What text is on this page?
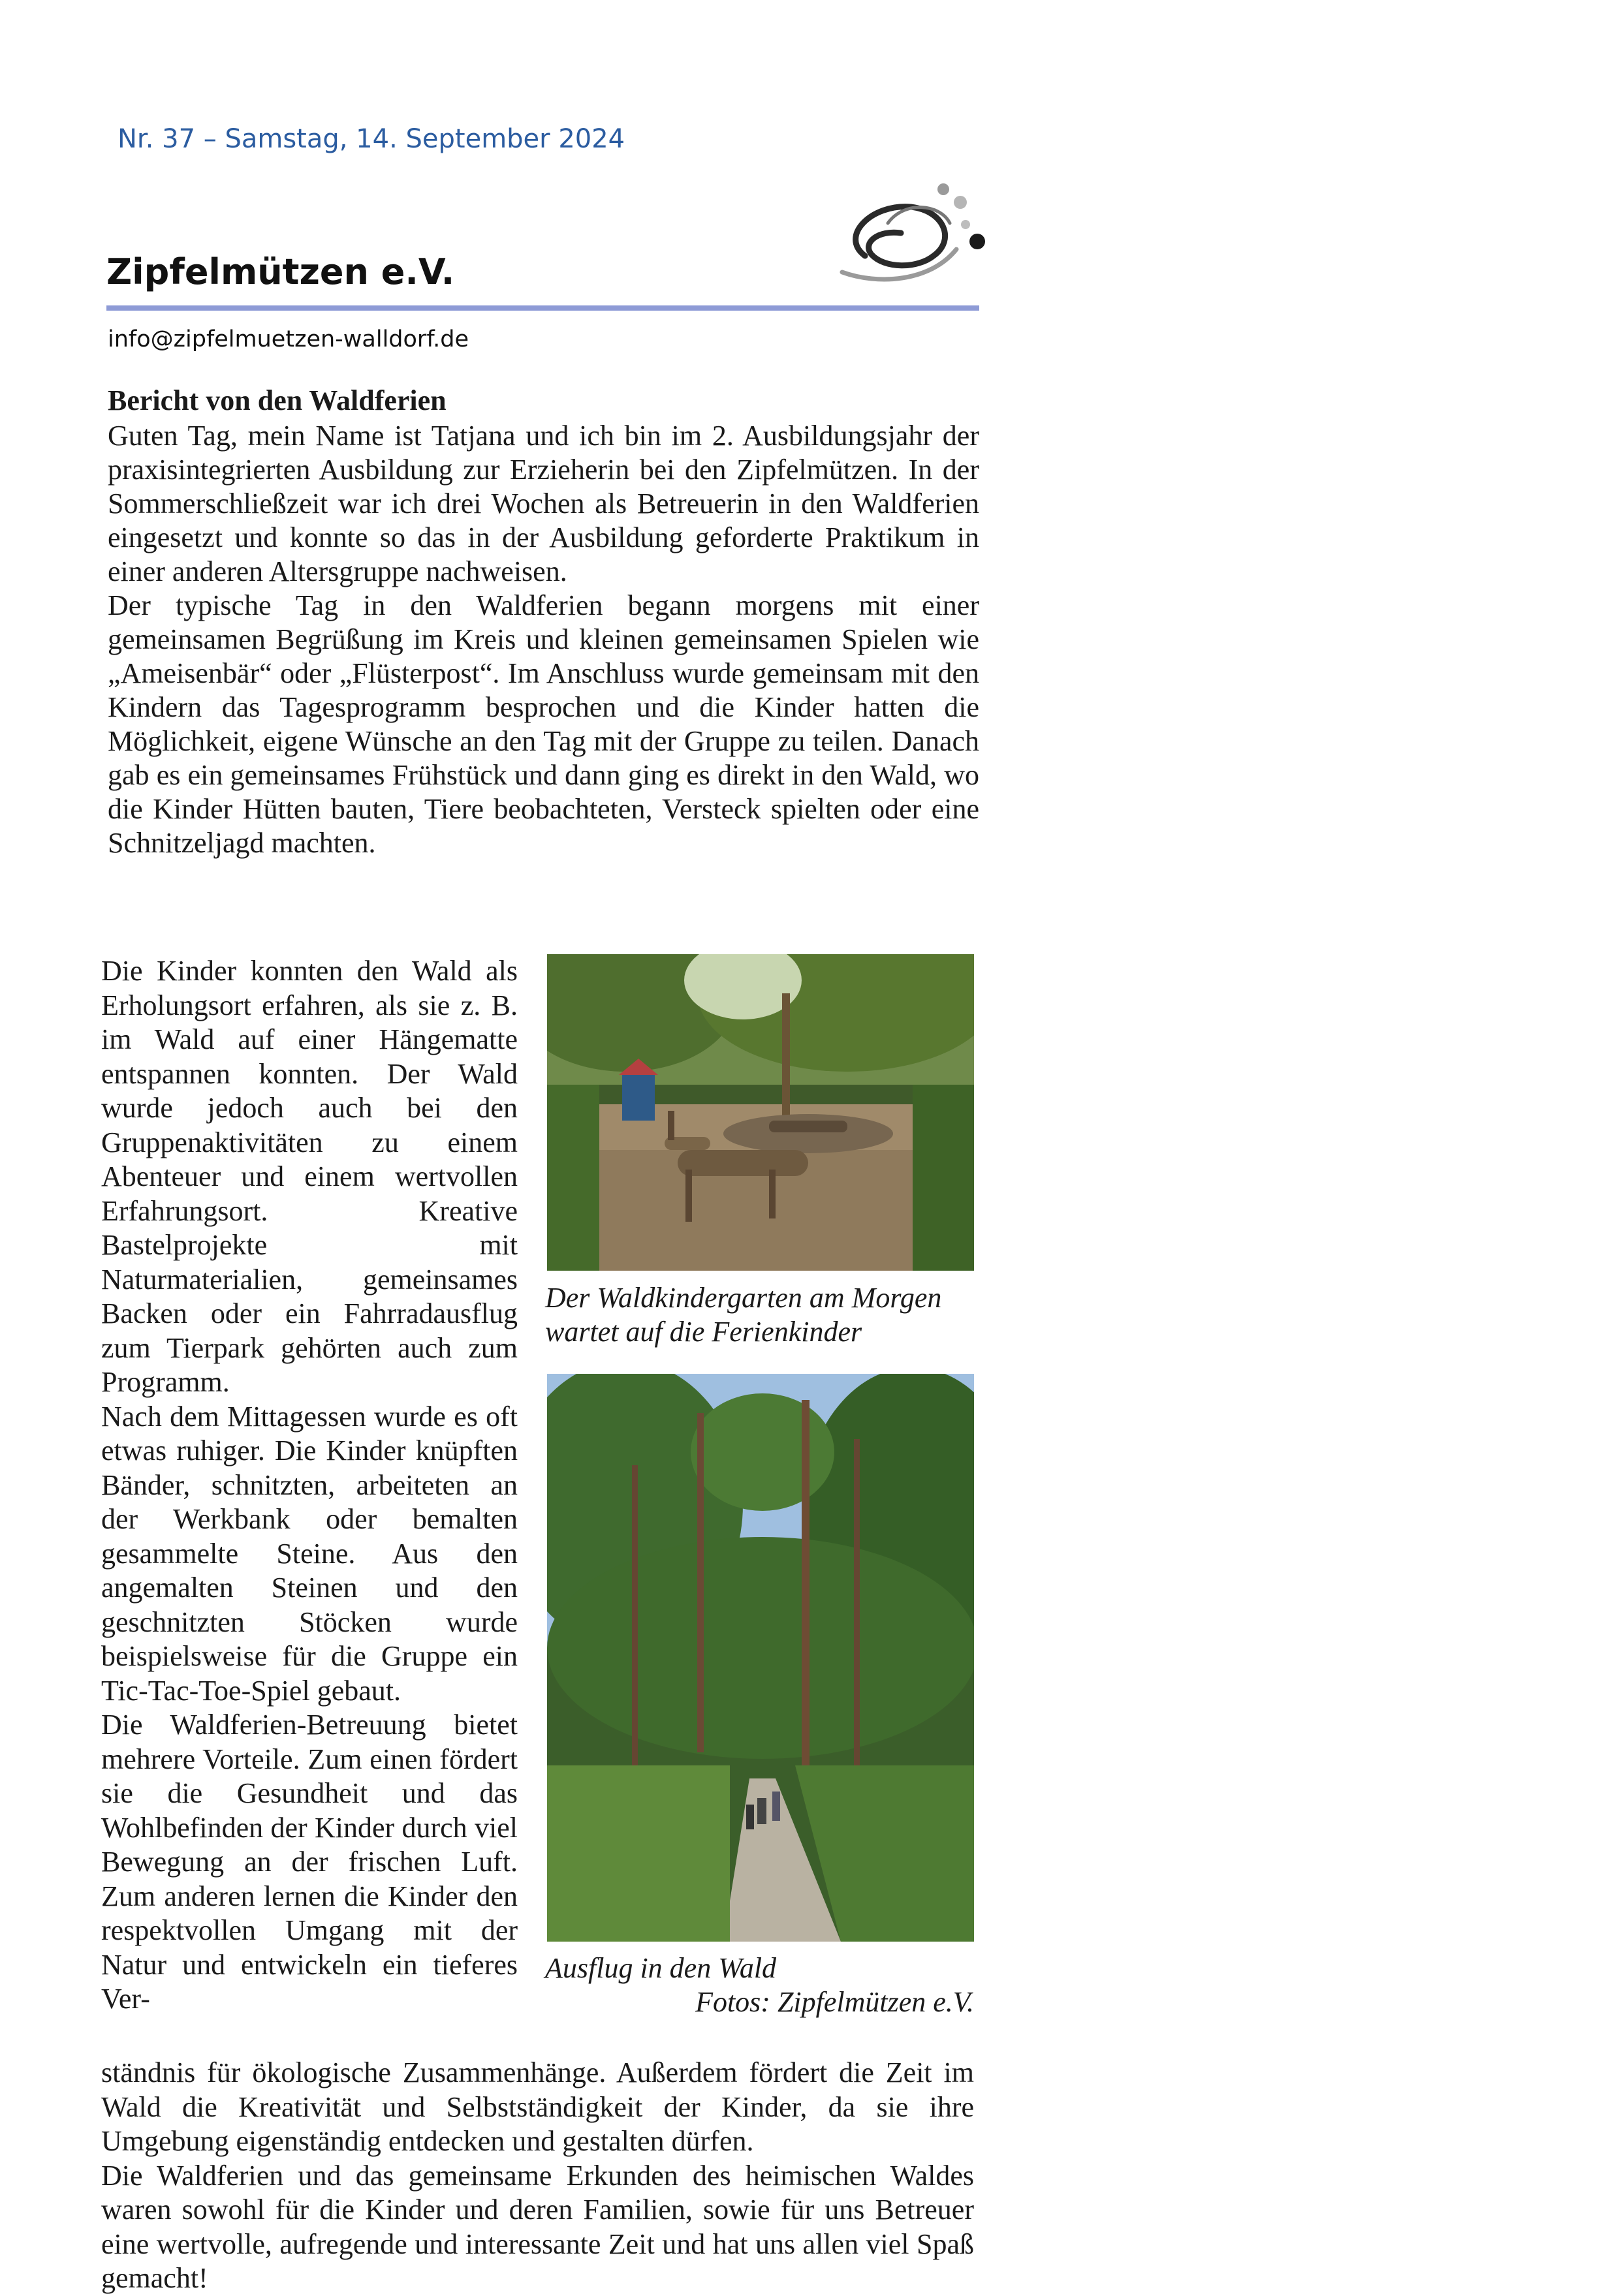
Nr. 37 – Samstag, 14. September 2024

Zipfelmützen e.V.

info@zipfelmuetzen-walldorf.de

Bericht von den Waldferien

Guten Tag, mein Name ist Tatjana und ich bin im 2. Ausbildungsjahr der praxisintegrierten Ausbildung zur Erzieherin bei den Zipfelmützen. In der Sommerschließzeit war ich drei Wochen als Betreuerin in den Waldferien eingesetzt und konnte so das in der Ausbildung geforderte Praktikum in einer anderen Altersgruppe nachweisen.

Der typische Tag in den Waldferien begann morgens mit einer gemeinsamen Begrüßung im Kreis und kleinen gemeinsamen Spielen wie „Ameisenbär“ oder „Flüsterpost“. Im Anschluss wurde gemeinsam mit den Kindern das Tagesprogramm besprochen und die Kinder hatten die Möglichkeit, eigene Wünsche an den Tag mit der Gruppe zu teilen. Danach gab es ein gemeinsames Frühstück und dann ging es direkt in den Wald, wo die Kinder Hütten bauten, Tiere beobachteten, Versteck spielten oder eine Schnitzeljagd machten.

Die Kinder konnten den Wald als Erholungsort erfahren, als sie z. B. im Wald auf einer Hängematte entspannen konnten. Der Wald wurde jedoch auch bei den Gruppenaktivitäten zu einem Abenteuer und einem wertvollen Erfahrungsort. Kreative Bastelprojekte mit Naturmaterialien, gemeinsames Backen oder ein Fahrradausflug zum Tierpark gehörten auch zum Programm.

Nach dem Mittagessen wurde es oft etwas ruhiger. Die Kinder knüpften Bänder, schnitzten, arbeiteten an der Werkbank oder bemalten gesammelte Steine. Aus den angemalten Steinen und den geschnitzten Stöcken wurde beispielsweise für die Gruppe ein Tic-Tac-Toe-Spiel gebaut.

Die Waldferien-Betreuung bietet mehrere Vorteile. Zum einen fördert sie die Gesundheit und das Wohlbefinden der Kinder durch viel Bewegung an der frischen Luft. Zum anderen lernen die Kinder den respektvollen Umgang mit der Natur und entwickeln ein tieferes Ver-

Der Waldkindergarten am Morgen wartet auf die Ferienkinder

Ausflug in den Wald

Fotos: Zipfelmützen e.V.

ständnis für ökologische Zusammenhänge. Außerdem fördert die Zeit im Wald die Kreativität und Selbstständigkeit der Kinder, da sie ihre Umgebung eigenständig entdecken und gestalten dürfen.

Die Waldferien und das gemeinsame Erkunden des heimischen Waldes waren sowohl für die Kinder und deren Familien, sowie für uns Betreuer eine wertvolle, aufregende und interessante Zeit und hat uns allen viel Spaß gemacht!
